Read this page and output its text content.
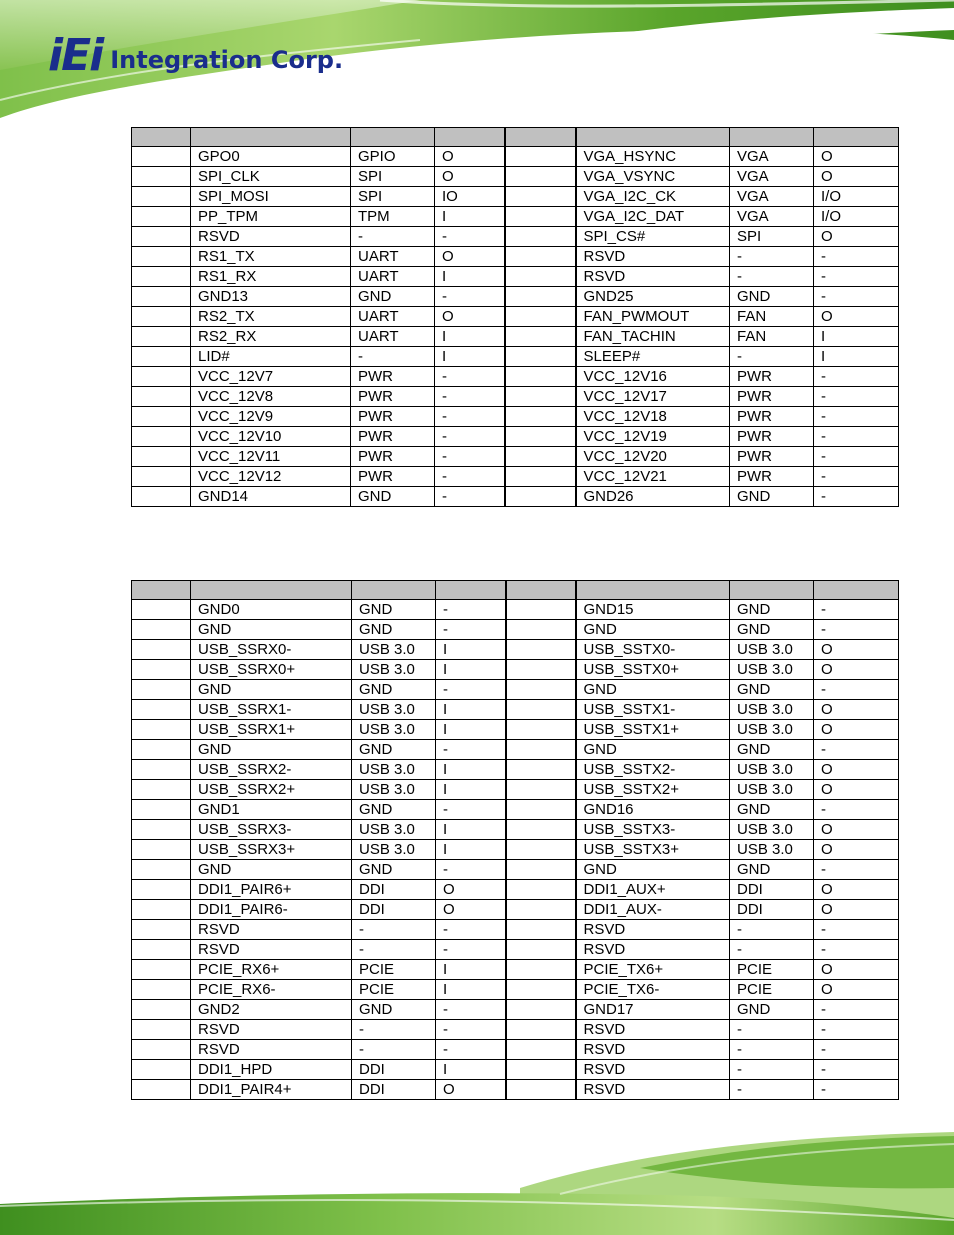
iEi Integration Corp.

	GPO0	GPIO	O		VGA_HSYNC	VGA	O
	SPI_CLK	SPI	O		VGA_VSYNC	VGA	O
	SPI_MOSI	SPI	IO		VGA_I2C_CK	VGA	I/O
	PP_TPM	TPM	I		VGA_I2C_DAT	VGA	I/O
	RSVD	-	-		SPI_CS#	SPI	O
	RS1_TX	UART	O		RSVD	-	-
	RS1_RX	UART	I		RSVD	-	-
	GND13	GND	-		GND25	GND	-
	RS2_TX	UART	O		FAN_PWMOUT	FAN	O
	RS2_RX	UART	I		FAN_TACHIN	FAN	I
	LID#	-	I		SLEEP#	-	I
	VCC_12V7	PWR	-		VCC_12V16	PWR	-
	VCC_12V8	PWR	-		VCC_12V17	PWR	-
	VCC_12V9	PWR	-		VCC_12V18	PWR	-
	VCC_12V10	PWR	-		VCC_12V19	PWR	-
	VCC_12V11	PWR	-		VCC_12V20	PWR	-
	VCC_12V12	PWR	-		VCC_12V21	PWR	-
	GND14	GND	-		GND26	GND	-

	GND0	GND	-		GND15	GND	-
	GND	GND	-		GND	GND	-
	USB_SSRX0-	USB 3.0	I		USB_SSTX0-	USB 3.0	O
	USB_SSRX0+	USB 3.0	I		USB_SSTX0+	USB 3.0	O
	GND	GND	-		GND	GND	-
	USB_SSRX1-	USB 3.0	I		USB_SSTX1-	USB 3.0	O
	USB_SSRX1+	USB 3.0	I		USB_SSTX1+	USB 3.0	O
	GND	GND	-		GND	GND	-
	USB_SSRX2-	USB 3.0	I		USB_SSTX2-	USB 3.0	O
	USB_SSRX2+	USB 3.0	I		USB_SSTX2+	USB 3.0	O
	GND1	GND	-		GND16	GND	-
	USB_SSRX3-	USB 3.0	I		USB_SSTX3-	USB 3.0	O
	USB_SSRX3+	USB 3.0	I		USB_SSTX3+	USB 3.0	O
	GND	GND	-		GND	GND	-
	DDI1_PAIR6+	DDI	O		DDI1_AUX+	DDI	O
	DDI1_PAIR6-	DDI	O		DDI1_AUX-	DDI	O
	RSVD	-	-		RSVD	-	-
	RSVD	-	-		RSVD	-	-
	PCIE_RX6+	PCIE	I		PCIE_TX6+	PCIE	O
	PCIE_RX6-	PCIE	I		PCIE_TX6-	PCIE	O
	GND2	GND	-		GND17	GND	-
	RSVD	-	-		RSVD	-	-
	RSVD	-	-		RSVD	-	-
	DDI1_HPD	DDI	I		RSVD	-	-
	DDI1_PAIR4+	DDI	O		RSVD	-	-
